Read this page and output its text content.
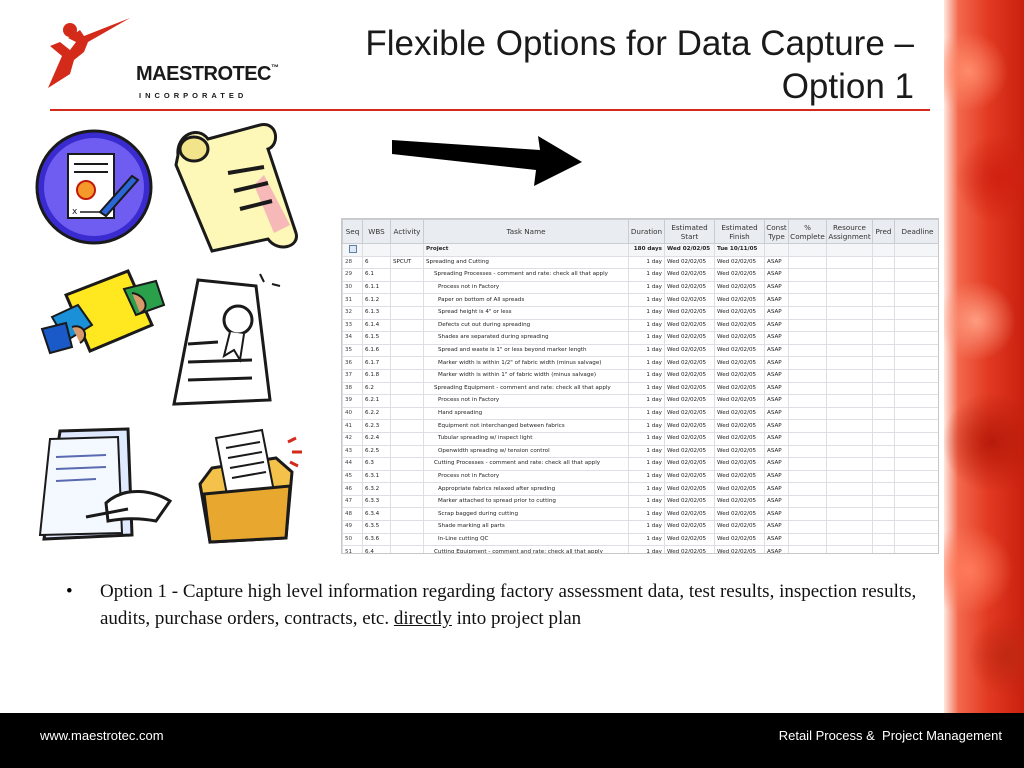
MAESTROTEC™
INCORPORATED
Flexible Options for Data Capture –
Option 1
x
Seq	WBS	Activity	Task Name	Duration	Estimated Start	Estimated Finish	Const Type	% Complete	Resource Assignment	Pred	Deadline
			Project	180 days	Wed 02/02/05	Tue 10/11/05					
28	6	SPCUT	Spreading and Cutting	1 day	Wed 02/02/05	Wed 02/02/05	ASAP				
29	6.1		Spreading Processes - comment and rate: check all that apply	1 day	Wed 02/02/05	Wed 02/02/05	ASAP				
30	6.1.1		Process not in Factory	1 day	Wed 02/02/05	Wed 02/02/05	ASAP				
31	6.1.2		Paper on bottom of All spreads	1 day	Wed 02/02/05	Wed 02/02/05	ASAP				
32	6.1.3		Spread height is 4" or less	1 day	Wed 02/02/05	Wed 02/02/05	ASAP				
33	6.1.4		Defects cut out during spreading	1 day	Wed 02/02/05	Wed 02/02/05	ASAP				
34	6.1.5		Shades are separated during spreading	1 day	Wed 02/02/05	Wed 02/02/05	ASAP				
35	6.1.6		Spread and waste is 1" or less beyond marker length	1 day	Wed 02/02/05	Wed 02/02/05	ASAP				
36	6.1.7		Marker width is within 1/2" of fabric width (minus salvage)	1 day	Wed 02/02/05	Wed 02/02/05	ASAP				
37	6.1.8		Marker width is within 1" of fabric width (minus salvage)	1 day	Wed 02/02/05	Wed 02/02/05	ASAP				
38	6.2		Spreading Equipment - comment and rate: check all that apply	1 day	Wed 02/02/05	Wed 02/02/05	ASAP				
39	6.2.1		Process not in Factory	1 day	Wed 02/02/05	Wed 02/02/05	ASAP				
40	6.2.2		Hand spreading	1 day	Wed 02/02/05	Wed 02/02/05	ASAP				
41	6.2.3		Equipment not interchanged between fabrics	1 day	Wed 02/02/05	Wed 02/02/05	ASAP				
42	6.2.4		Tubular spreading w/ inspect light	1 day	Wed 02/02/05	Wed 02/02/05	ASAP				
43	6.2.5		Openwidth spreading w/ tension control	1 day	Wed 02/02/05	Wed 02/02/05	ASAP				
44	6.3		Cutting Processes - comment and rate: check all that apply	1 day	Wed 02/02/05	Wed 02/02/05	ASAP				
45	6.3.1		Process not in Factory	1 day	Wed 02/02/05	Wed 02/02/05	ASAP				
46	6.3.2		Appropriate fabrics relaxed after spreding	1 day	Wed 02/02/05	Wed 02/02/05	ASAP				
47	6.3.3		Marker attached to spread prior to cutting	1 day	Wed 02/02/05	Wed 02/02/05	ASAP				
48	6.3.4		Scrap bagged during cutting	1 day	Wed 02/02/05	Wed 02/02/05	ASAP				
49	6.3.5		Shade marking all parts	1 day	Wed 02/02/05	Wed 02/02/05	ASAP				
50	6.3.6		In-Line cutting QC	1 day	Wed 02/02/05	Wed 02/02/05	ASAP				
51	6.4		Cutting Equipment - comment and rate: check all that apply	1 day	Wed 02/02/05	Wed 02/02/05	ASAP				
• Option 1 - Capture high level information regarding factory assessment data, test results, inspection results, audits, purchase orders, contracts, etc. directly into project plan
www.maestrotec.com	Retail Process &  Project Management
